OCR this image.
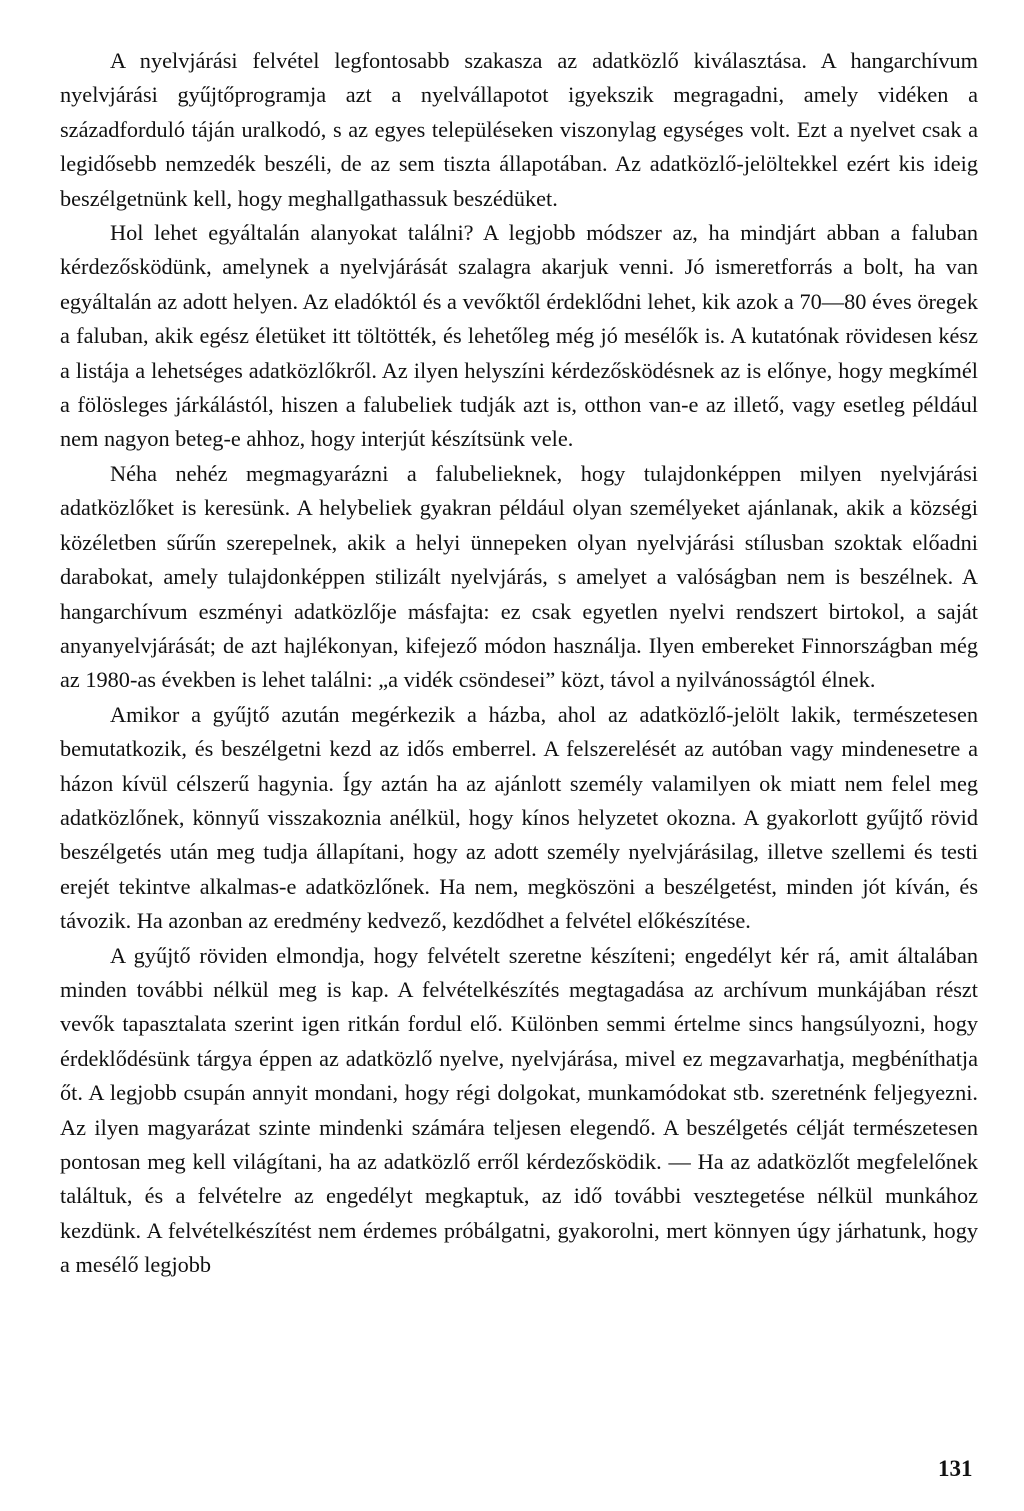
A nyelvjárási felvétel legfontosabb szakasza az adatközlő kiválasztása. A hangarchívum nyelvjárási gyűjtőprogramja azt a nyelvállapotot igyekszik megragadni, amely vidéken a századforduló táján uralkodó, s az egyes településeken viszonylag egységes volt. Ezt a nyelvet csak a legidősebb nemzedék beszéli, de az sem tiszta állapotában. Az adatközlő-jelöltekkel ezért kis ideig beszélgetnünk kell, hogy meghallgathassuk beszédüket.

Hol lehet egyáltalán alanyokat találni? A legjobb módszer az, ha mindjárt abban a faluban kérdezősködünk, amelynek a nyelvjárását szalagra akarjuk venni. Jó ismeretforrás a bolt, ha van egyáltalán az adott helyen. Az eladóktól és a vevőktől érdeklődni lehet, kik azok a 70—80 éves öregek a faluban, akik egész életüket itt töltötték, és lehetőleg még jó mesélők is. A kutatónak rövidesen kész a listája a lehetséges adatközlőkről. Az ilyen helyszíni kérdezősködésnek az is előnye, hogy megkímél a fölösleges járkálástól, hiszen a falubeliek tudják azt is, otthon van-e az illető, vagy esetleg például nem nagyon beteg-e ahhoz, hogy interjút készítsünk vele.

Néha nehéz megmagyarázni a falubelieknek, hogy tulajdonképpen milyen nyelvjárási adatközlőket is keresünk. A helybeliek gyakran például olyan személyeket ajánlanak, akik a községi közéletben sűrűn szerepelnek, akik a helyi ünnepeken olyan nyelvjárási stílusban szoktak előadni darabokat, amely tulajdonképpen stilizált nyelvjárás, s amelyet a valóságban nem is beszélnek. A hangarchívum eszményi adatközlője másfajta: ez csak egyetlen nyelvi rendszert birtokol, a saját anyanyelvjárását; de azt hajlékonyan, kifejező módon használja. Ilyen embereket Finnországban még az 1980-as években is lehet találni: „a vidék csöndesei” közt, távol a nyilvánosságtól élnek.

Amikor a gyűjtő azután megérkezik a házba, ahol az adatközlő-jelölt lakik, természetesen bemutatkozik, és beszélgetni kezd az idős emberrel. A felszerelését az autóban vagy mindenesetre a házon kívül célszerű hagynia. Így aztán ha az ajánlott személy valamilyen ok miatt nem felel meg adatközlőnek, könnyű visszakoznia anélkül, hogy kínos helyzetet okozna. A gyakorlott gyűjtő rövid beszélgetés után meg tudja állapítani, hogy az adott személy nyelvjárásilag, illetve szellemi és testi erejét tekintve alkalmas-e adatközlőnek. Ha nem, megköszöni a beszélgetést, minden jót kíván, és távozik. Ha azonban az eredmény kedvező, kezdődhet a felvétel előkészítése.

A gyűjtő röviden elmondja, hogy felvételt szeretne készíteni; engedélyt kér rá, amit általában minden további nélkül meg is kap. A felvételkészítés megtagadása az archívum munkájában részt vevők tapasztalata szerint igen ritkán fordul elő. Különben semmi értelme sincs hangsúlyozni, hogy érdeklődésünk tárgya éppen az adatközlő nyelve, nyelvjárása, mivel ez megzavarhatja, megbéníthatja őt. A legjobb csupán annyit mondani, hogy régi dolgokat, munkamódokat stb. szeretnénk feljegyezni. Az ilyen magyarázat szinte mindenki számára teljesen elegendő. A beszélgetés célját természetesen pontosan meg kell világítani, ha az adatközlő erről kérdezősködik. — Ha az adatközlőt megfelelőnek találtuk, és a felvételre az engedélyt megkaptuk, az idő további vesztegetése nélkül munkához kezdünk. A felvételkészítést nem érdemes próbálgatni, gyakorolni, mert könnyen úgy járhatunk, hogy a mesélő legjobb

131
